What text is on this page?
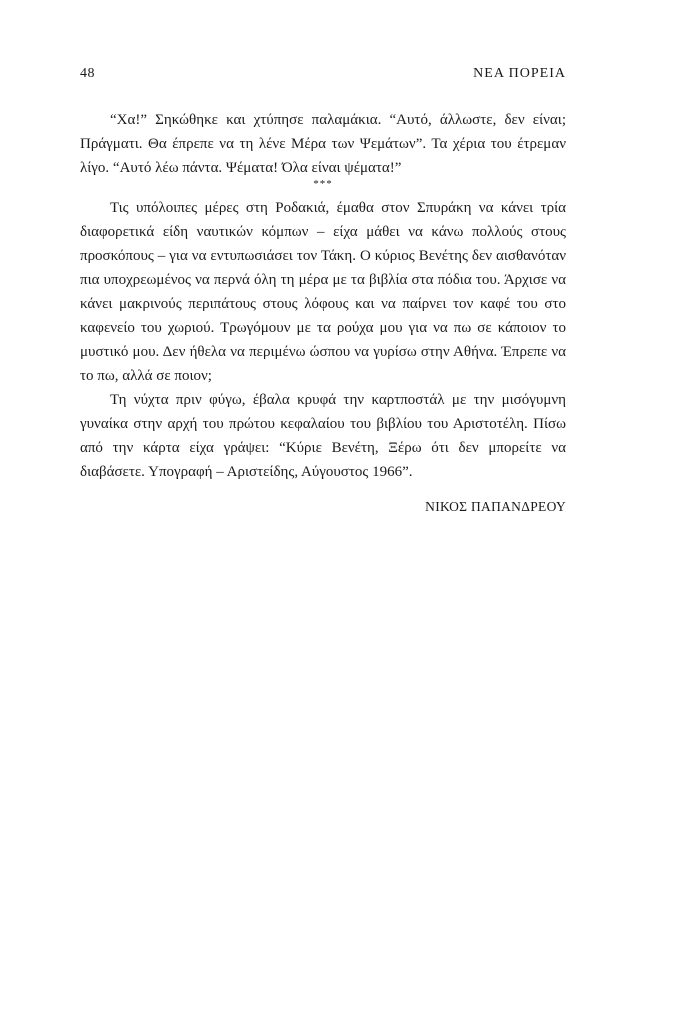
48	ΝΕΑ ΠΟΡΕΙΑ

“Χα!” Σηκώθηκε και χτύπησε παλαμάκια. “Αυτό, άλλωστε, δεν είναι; Πράγματι. Θα έπρεπε να τη λένε Μέρα των Ψεμάτων”. Τα χέρια του έτρεμαν λίγο. “Αυτό λέω πάντα. Ψέματα! Όλα είναι ψέματα!”

***

Τις υπόλοιπες μέρες στη Ροδακιά, έμαθα στον Σπυράκη να κάνει τρία διαφορετικά είδη ναυτικών κόμπων – είχα μάθει να κάνω πολλούς στους προσκόπους – για να εντυπωσιάσει τον Τάκη. Ο κύριος Βενέτης δεν αισθανόταν πια υποχρεωμένος να περνά όλη τη μέρα με τα βιβλία στα πόδια του. Άρχισε να κάνει μακρινούς περιπάτους στους λόφους και να παίρνει τον καφέ του στο καφενείο του χωριού. Τρωγόμουν με τα ρούχα μου για να πω σε κάποιον το μυστικό μου. Δεν ήθελα να περιμένω ώσπου να γυρίσω στην Αθήνα. Έπρεπε να το πω, αλλά σε ποιον;

Τη νύχτα πριν φύγω, έβαλα κρυφά την καρτποστάλ με την μισόγυμνη γυναίκα στην αρχή του πρώτου κεφαλαίου του βιβλίου του Αριστοτέλη. Πίσω από την κάρτα είχα γράψει: “Κύριε Βενέτη, Ξέρω ότι δεν μπορείτε να διαβάσετε. Υπογραφή – Αριστείδης, Αύγουστος 1966”.

ΝΙΚΟΣ ΠΑΠΑΝΔΡΕΟΥ
